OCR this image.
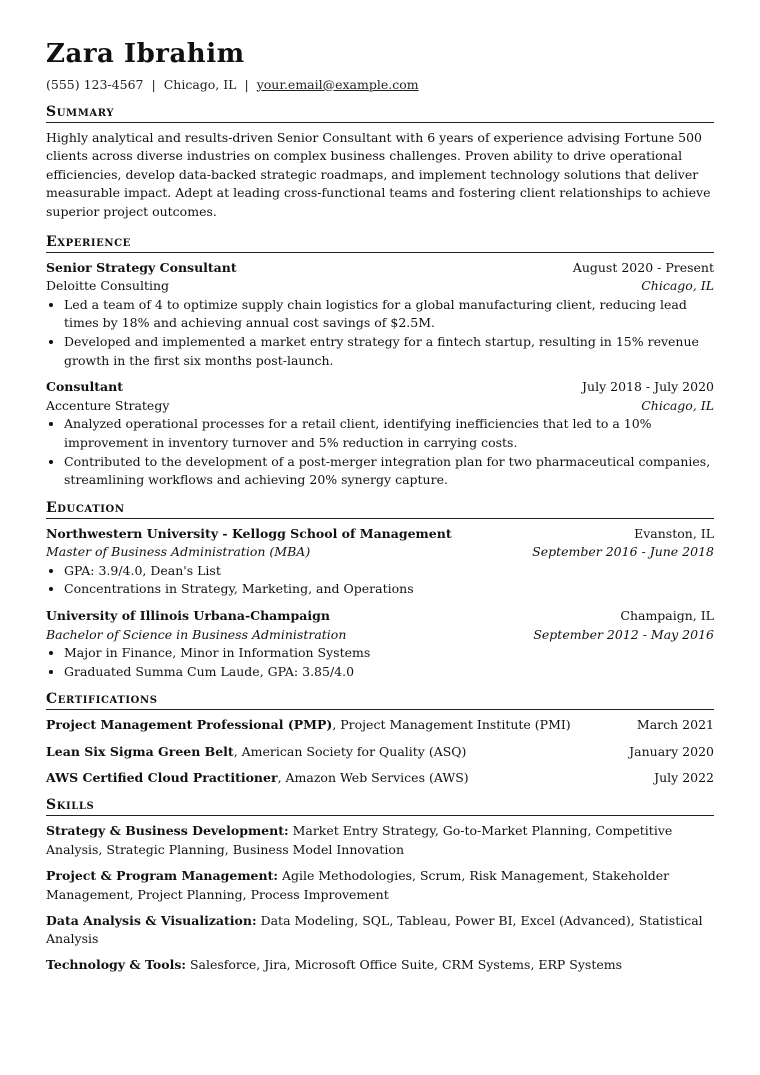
Zara Ibrahim
(555) 123-4567 | Chicago, IL | your.email@example.com
Summary
Highly analytical and results-driven Senior Consultant with 6 years of experience advising Fortune 500 clients across diverse industries on complex business challenges. Proven ability to drive operational efficiencies, develop data-backed strategic roadmaps, and implement technology solutions that deliver measurable impact. Adept at leading cross-functional teams and fostering client relationships to achieve superior project outcomes.
Experience
Senior Strategy Consultant	August 2020 - Present
Deloitte Consulting	Chicago, IL
• Led a team of 4 to optimize supply chain logistics for a global manufacturing client, reducing lead times by 18% and achieving annual cost savings of $2.5M.
• Developed and implemented a market entry strategy for a fintech startup, resulting in 15% revenue growth in the first six months post-launch.
Consultant	July 2018 - July 2020
Accenture Strategy	Chicago, IL
• Analyzed operational processes for a retail client, identifying inefficiencies that led to a 10% improvement in inventory turnover and 5% reduction in carrying costs.
• Contributed to the development of a post-merger integration plan for two pharmaceutical companies, streamlining workflows and achieving 20% synergy capture.
Education
Northwestern University - Kellogg School of Management	Evanston, IL
Master of Business Administration (MBA)	September 2016 - June 2018
• GPA: 3.9/4.0, Dean's List
• Concentrations in Strategy, Marketing, and Operations
University of Illinois Urbana-Champaign	Champaign, IL
Bachelor of Science in Business Administration	September 2012 - May 2016
• Major in Finance, Minor in Information Systems
• Graduated Summa Cum Laude, GPA: 3.85/4.0
Certifications
Project Management Professional (PMP), Project Management Institute (PMI)	March 2021
Lean Six Sigma Green Belt, American Society for Quality (ASQ)	January 2020
AWS Certified Cloud Practitioner, Amazon Web Services (AWS)	July 2022
Skills
Strategy & Business Development: Market Entry Strategy, Go-to-Market Planning, Competitive Analysis, Strategic Planning, Business Model Innovation
Project & Program Management: Agile Methodologies, Scrum, Risk Management, Stakeholder Management, Project Planning, Process Improvement
Data Analysis & Visualization: Data Modeling, SQL, Tableau, Power BI, Excel (Advanced), Statistical Analysis
Technology & Tools: Salesforce, Jira, Microsoft Office Suite, CRM Systems, ERP Systems
